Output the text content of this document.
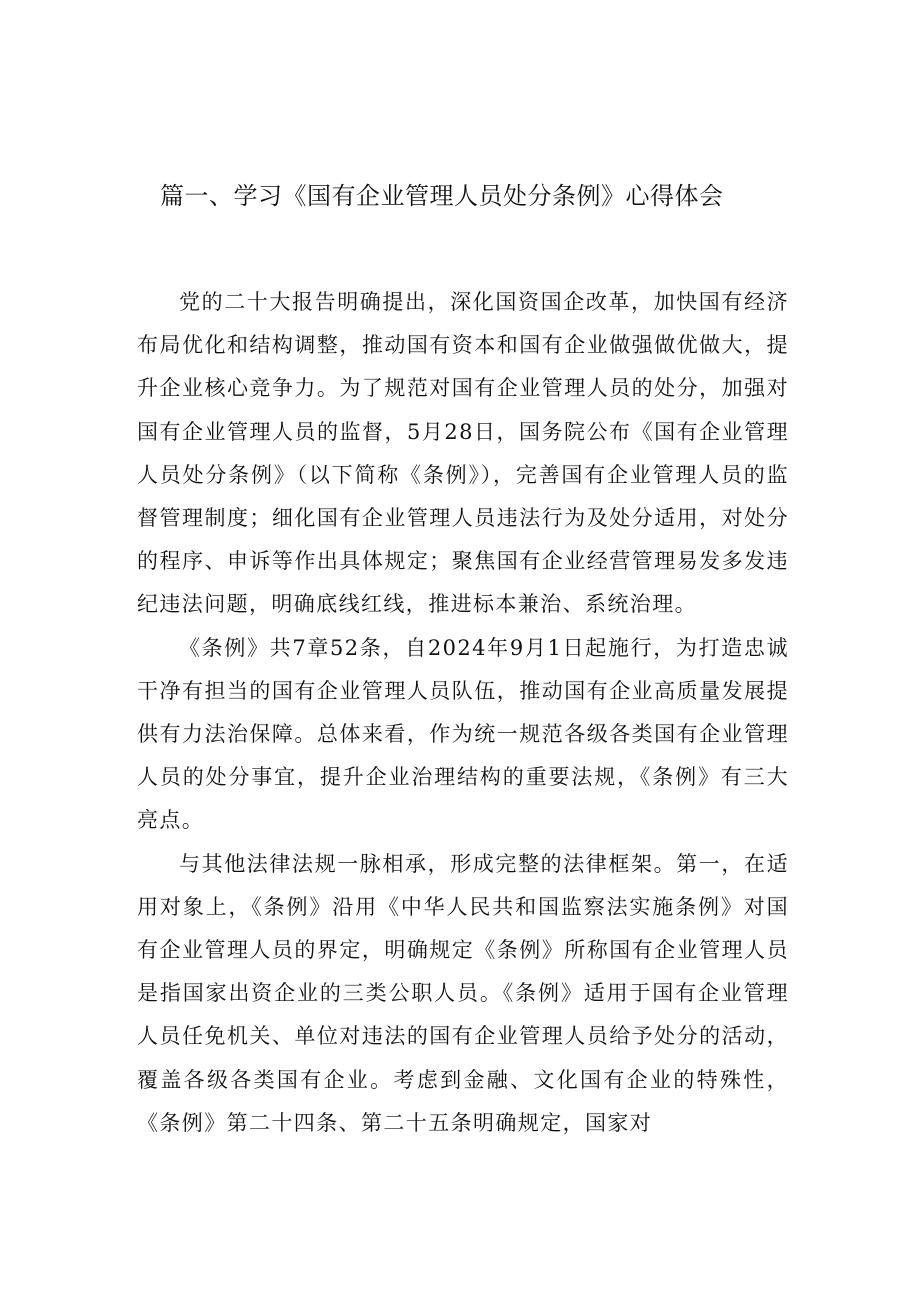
篇一、学习《国有企业管理人员处分条例》心得体会

党的二十大报告明确提出，深化国资国企改革，加快国有经济布局优化和结构调整，推动国有资本和国有企业做强做优做大，提升企业核心竞争力。为了规范对国有企业管理人员的处分，加强对国有企业管理人员的监督，5月28日，国务院公布《国有企业管理人员处分条例》（以下简称《条例》），完善国有企业管理人员的监督管理制度；细化国有企业管理人员违法行为及处分适用，对处分的程序、申诉等作出具体规定；聚焦国有企业经营管理易发多发违纪违法问题，明确底线红线，推进标本兼治、系统治理。

《条例》共7章52条，自2024年9月1日起施行，为打造忠诚干净有担当的国有企业管理人员队伍，推动国有企业高质量发展提供有力法治保障。总体来看，作为统一规范各级各类国有企业管理人员的处分事宜，提升企业治理结构的重要法规，《条例》有三大亮点。

与其他法律法规一脉相承，形成完整的法律框架。第一，在适用对象上，《条例》沿用《中华人民共和国监察法实施条例》对国有企业管理人员的界定，明确规定《条例》所称国有企业管理人员是指国家出资企业的三类公职人员。《条例》适用于国有企业管理人员任免机关、单位对违法的国有企业管理人员给予处分的活动，覆盖各级各类国有企业。考虑到金融、文化国有企业的特殊性，《条例》第二十四条、第二十五条明确规定，国家对
